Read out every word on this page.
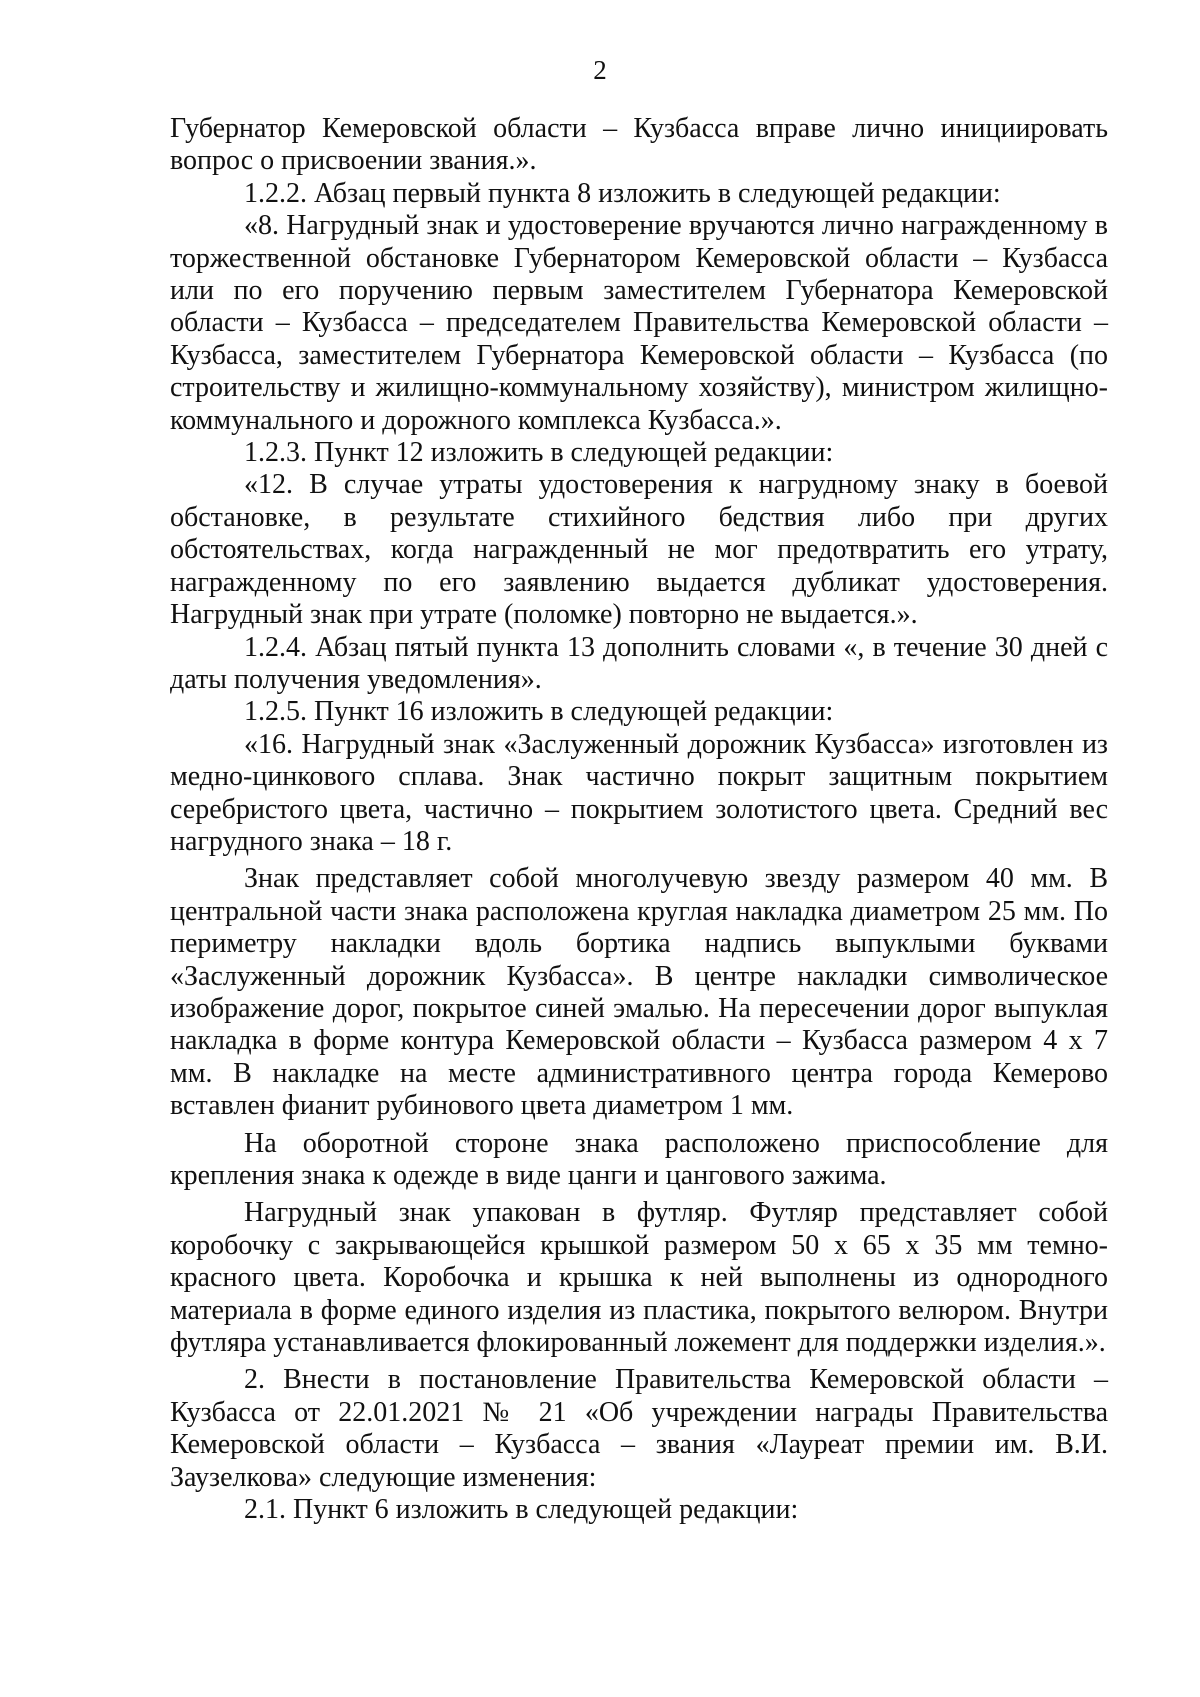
2

Губернатор Кемеровской области – Кузбасса вправе лично инициировать вопрос о присвоении звания.».

1.2.2. Абзац первый пункта 8 изложить в следующей редакции:

«8. Нагрудный знак и удостоверение вручаются лично награжденному в торжественной обстановке Губернатором Кемеровской области – Кузбасса или по его поручению первым заместителем Губернатора Кемеровской области – Кузбасса – председателем Правительства Кемеровской области – Кузбасса, заместителем Губернатора Кемеровской области – Кузбасса (по строительству и жилищно-коммунальному хозяйству), министром жилищно-коммунального и дорожного комплекса Кузбасса.».

1.2.3. Пункт 12 изложить в следующей редакции:

«12. В случае утраты удостоверения к нагрудному знаку в боевой обстановке, в результате стихийного бедствия либо при других обстоятельствах, когда награжденный не мог предотвратить его утрату, награжденному по его заявлению выдается дубликат удостоверения. Нагрудный знак при утрате (поломке) повторно не выдается.».

1.2.4. Абзац пятый пункта 13 дополнить словами «, в течение 30 дней с даты получения уведомления».

1.2.5. Пункт 16 изложить в следующей редакции:

«16. Нагрудный знак «Заслуженный дорожник Кузбасса» изготовлен из медно-цинкового сплава. Знак частично покрыт защитным покрытием серебристого цвета, частично – покрытием золотистого цвета. Средний вес нагрудного знака – 18 г.

Знак представляет собой многолучевую звезду размером 40 мм. В центральной части знака расположена круглая накладка диаметром 25 мм. По периметру накладки вдоль бортика надпись выпуклыми буквами «Заслуженный дорожник Кузбасса». В центре накладки символическое изображение дорог, покрытое синей эмалью. На пересечении дорог выпуклая накладка в форме контура Кемеровской области – Кузбасса размером 4 х 7 мм. В накладке на месте административного центра города Кемерово вставлен фианит рубинового цвета диаметром 1 мм.

На оборотной стороне знака расположено приспособление для крепления знака к одежде в виде цанги и цангового зажима.

Нагрудный знак упакован в футляр. Футляр представляет собой коробочку с закрывающейся крышкой размером 50 х 65 х 35 мм темно-красного цвета. Коробочка и крышка к ней выполнены из однородного материала в форме единого изделия из пластика, покрытого велюром. Внутри футляра устанавливается флокированный ложемент для поддержки изделия.».

2. Внести в постановление Правительства Кемеровской области – Кузбасса от 22.01.2021 № 21 «Об учреждении награды Правительства Кемеровской области – Кузбасса – звания «Лауреат премии им. В.И. Заузелкова» следующие изменения:

2.1. Пункт 6 изложить в следующей редакции:
